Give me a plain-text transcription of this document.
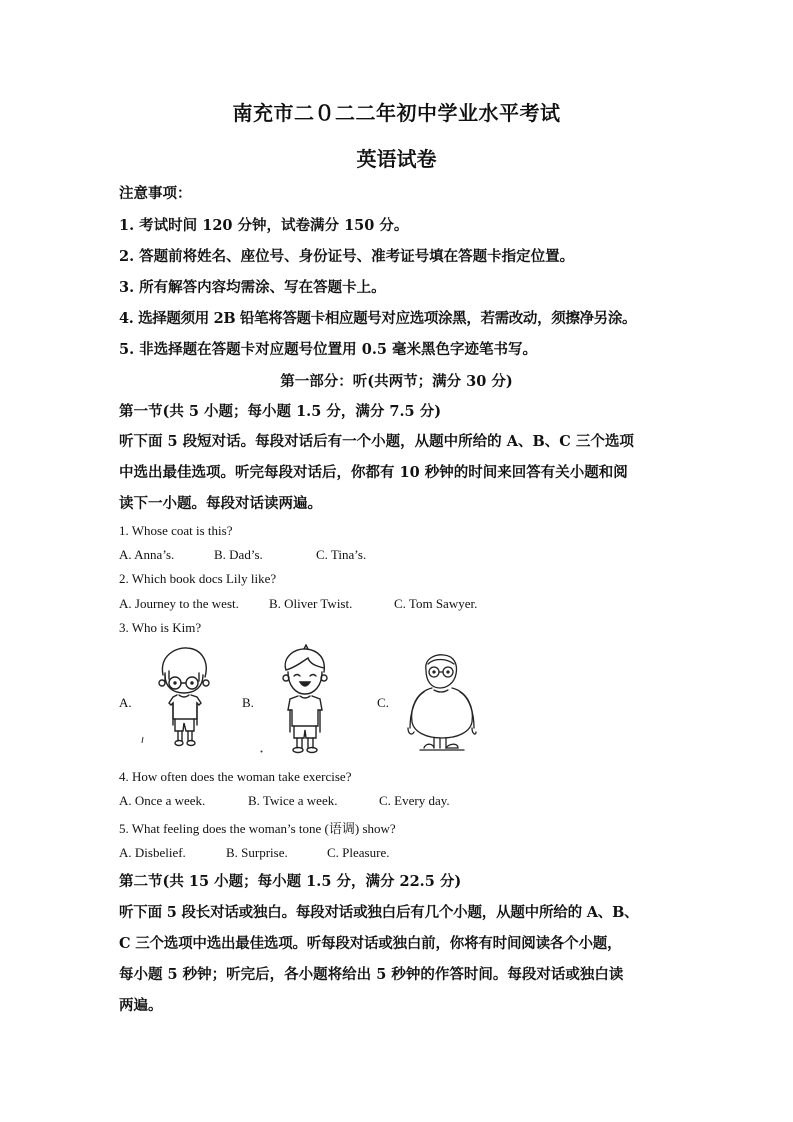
南充市二０二二年初中学业水平考试
英语试卷
注意事项：
1. 考试时间 120 分钟，试卷满分 150 分。
2. 答题前将姓名、座位号、身份证号、准考证号填在答题卡指定位置。
3. 所有解答内容均需涂、写在答题卡上。
4. 选择题须用 2B 铅笔将答题卡相应题号对应选项涂黑，若需改动，须擦净另涂。
5. 非选择题在答题卡对应题号位置用 0.5 毫米黑色字迹笔书写。
第一部分：听(共两节；满分 30 分)
第一节(共 5 小题；每小题 1.5 分，满分 7.5 分)
听下面 5 段短对话。每段对话后有一个小题，从题中所给的 A、B、C 三个选项
中选出最佳选项。听完每段对话后，你都有 10 秒钟的时间来回答有关小题和阅
读下一小题。每段对话读两遍。
1. Whose coat is this?
A. Anna’s.	B. Dad’s.	C. Tina’s.
2. Which book docs Lily like?
A. Journey to the west. B. Oliver Twist.	C. Tom Sawyer.
3. Who is Kim?
A.	B.	C.
4. How often does the woman take exercise?
A. Once a week.	B. Twice a week.	C. Every day.
5. What feeling does the woman’s tone (语调) show?
A. Disbelief.	B. Surprise.	C. Pleasure.
第二节(共 15 小题；每小题 1.5 分，满分 22.5 分)
听下面 5 段长对话或独白。每段对话或独白后有几个小题，从题中所给的 A、B、
C 三个选项中选出最佳选项。听每段对话或独白前，你将有时间阅读各个小题，
每小题 5 秒钟；听完后，各小题将给出 5 秒钟的作答时间。每段对话或独白读
两遍。
